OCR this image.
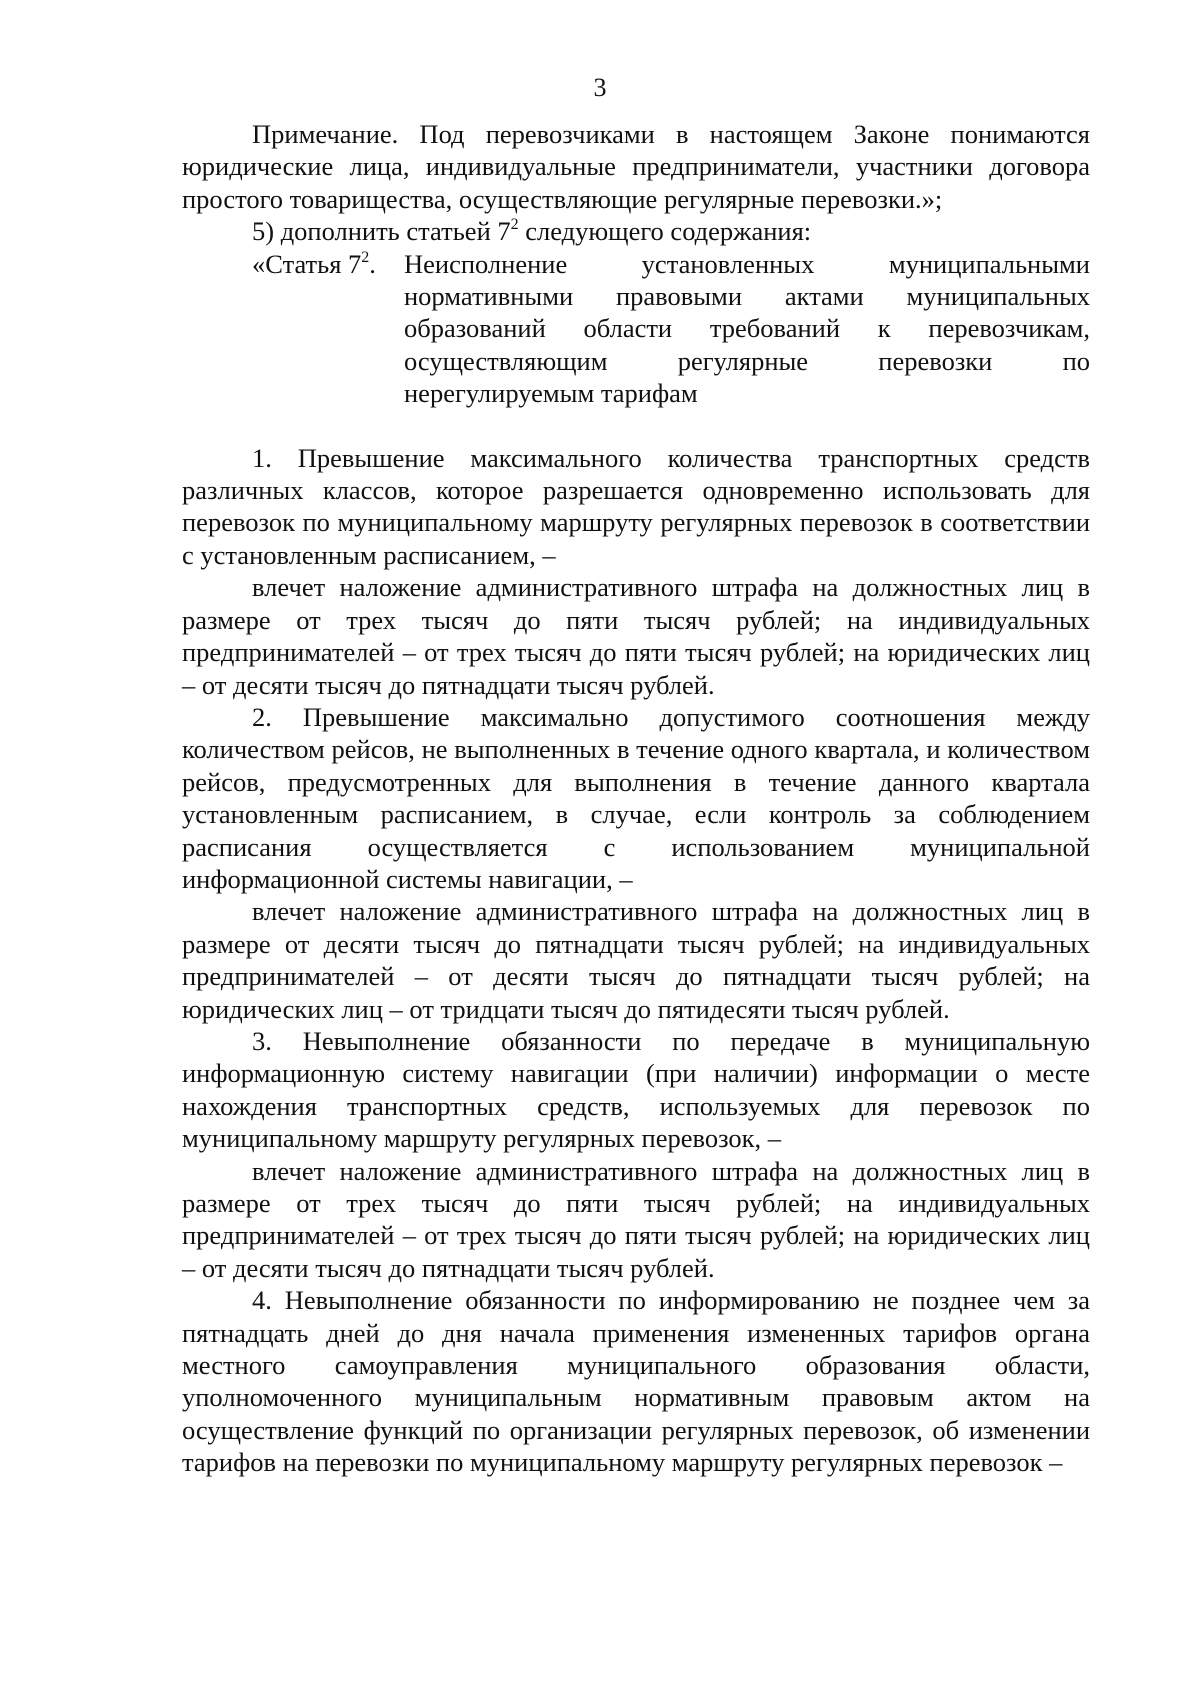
3

Примечание. Под перевозчиками в настоящем Законе понимаются юридические лица, индивидуальные предприниматели, участники договора простого товарищества, осуществляющие регулярные перевозки.»;

5) дополнить статьей $7^2$ следующего содержания:

«Статья $7^2$.	Неисполнение установленных муниципальными нормативными правовыми актами муниципальных образований области требований к перевозчикам, осуществляющим регулярные перевозки по нерегулируемым тарифам

1. Превышение максимального количества транспортных средств различных классов, которое разрешается одновременно использовать для перевозок по муниципальному маршруту регулярных перевозок в соответствии с установленным расписанием, –

влечет наложение административного штрафа на должностных лиц в размере от трех тысяч до пяти тысяч рублей; на индивидуальных предпринимателей – от трех тысяч до пяти тысяч рублей; на юридических лиц – от десяти тысяч до пятнадцати тысяч рублей.

2. Превышение максимально допустимого соотношения между количеством рейсов, не выполненных в течение одного квартала, и количеством рейсов, предусмотренных для выполнения в течение данного квартала установленным расписанием, в случае, если контроль за соблюдением расписания осуществляется с использованием муниципальной информационной системы навигации, –

влечет наложение административного штрафа на должностных лиц в размере от десяти тысяч до пятнадцати тысяч рублей; на индивидуальных предпринимателей – от десяти тысяч до пятнадцати тысяч рублей; на юридических лиц – от тридцати тысяч до пятидесяти тысяч рублей.

3. Невыполнение обязанности по передаче в муниципальную информационную систему навигации (при наличии) информации о месте нахождения транспортных средств, используемых для перевозок по муниципальному маршруту регулярных перевозок, –

влечет наложение административного штрафа на должностных лиц в размере от трех тысяч до пяти тысяч рублей; на индивидуальных предпринимателей – от трех тысяч до пяти тысяч рублей; на юридических лиц – от десяти тысяч до пятнадцати тысяч рублей.

4. Невыполнение обязанности по информированию не позднее чем за пятнадцать дней до дня начала применения измененных тарифов органа местного самоуправления муниципального образования области, уполномоченного муниципальным нормативным правовым актом на осуществление функций по организации регулярных перевозок, об изменении тарифов на перевозки по муниципальному маршруту регулярных перевозок –
